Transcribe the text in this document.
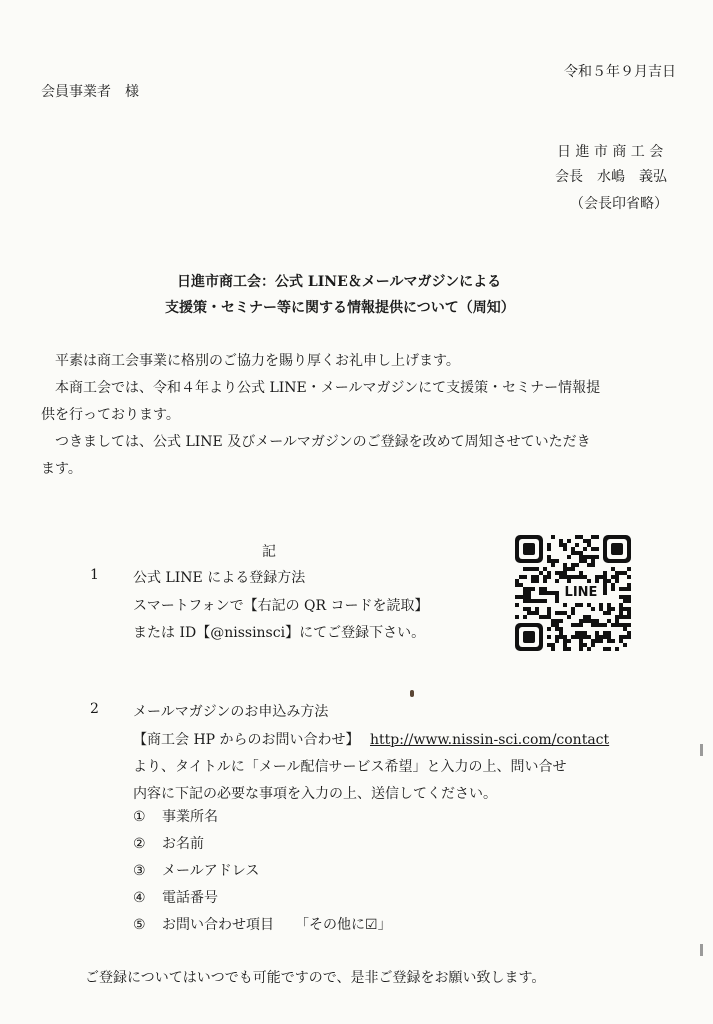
令和５年９月吉日
会員事業者　様
日 進 市 商 工 会
会長　水嶋　義弘
（会長印省略）
日進市商工会：公式 LINE＆メールマガジンによる
支援策・セミナー等に関する情報提供について（周知）
平素は商工会事業に格別のご協力を賜り厚くお礼申し上げます。
本商工会では、令和４年より公式 LINE・メールマガジンにて支援策・セミナー情報提
供を行っております。
つきましては、公式 LINE 及びメールマガジンのご登録を改めて周知させていただき
ます。
記
1 公式 LINE による登録方法
スマートフォンで【右記の QR コードを読取】
または ID【@nissinsci】にてご登録下さい。
LINE
2 メールマガジンのお申込み方法
【商工会 HP からのお問い合わせ】 http://www.nissin-sci.com/contact
より、タイトルに「メール配信サービス希望」と入力の上、問い合せ
内容に下記の必要な事項を入力の上、送信してください。
① 事業所名
② お名前
③ メールアドレス
④ 電話番号
⑤ お問い合わせ項目　　「その他に☑」
ご登録についてはいつでも可能ですので、是非ご登録をお願い致します。
